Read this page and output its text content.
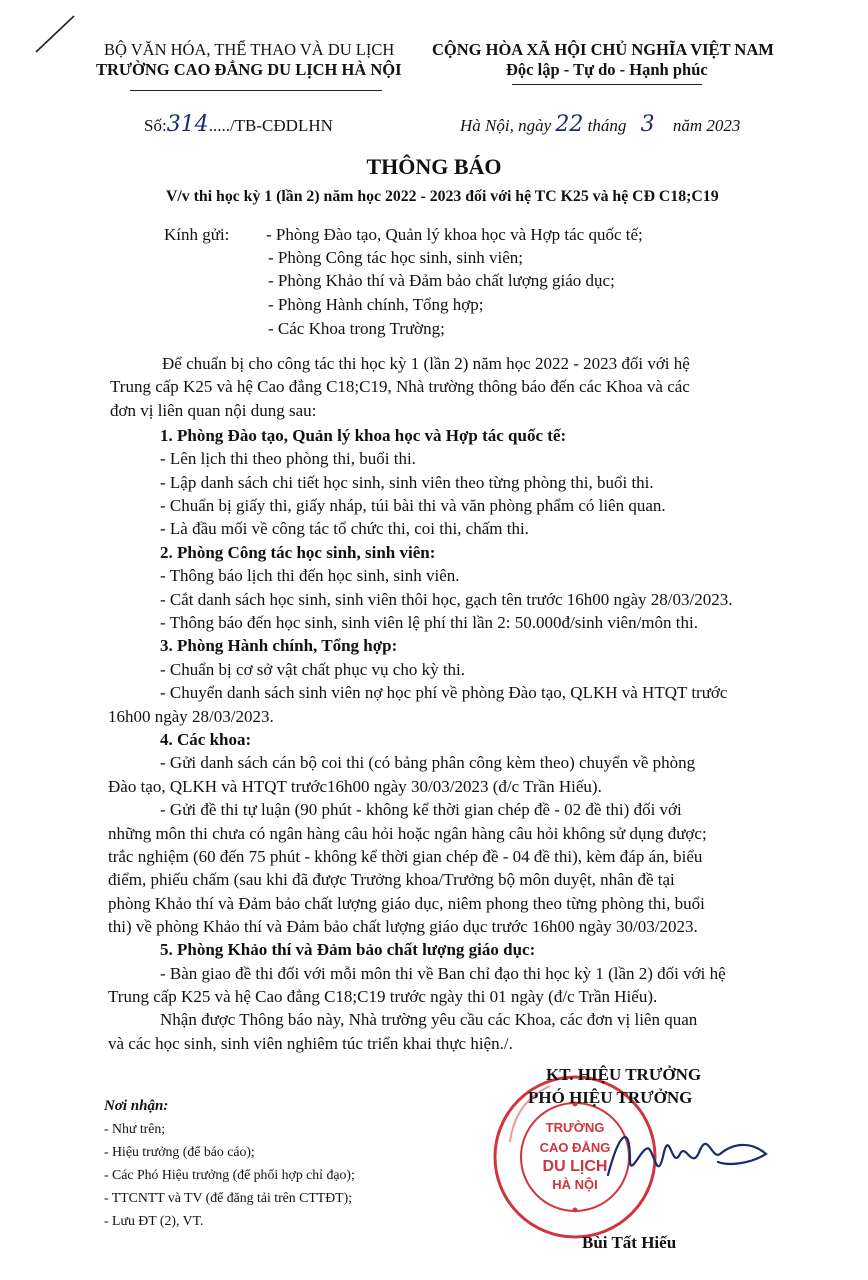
BỘ VĂN HÓA, THỂ THAO VÀ DU LỊCH
TRƯỜNG CAO ĐẲNG DU LỊCH HÀ NỘI
CỘNG HÒA XÃ HỘI CHỦ NGHĨA VIỆT NAM
Độc lập - Tự do - Hạnh phúc
Số:314...../TB-CĐDLHN	Hà Nội, ngày 22 tháng 3 năm 2023
THÔNG BÁO
V/v thi học kỳ 1 (lần 2) năm học 2022 - 2023 đối với hệ TC K25 và hệ CĐ C18;C19
Kính gửi: - Phòng Đào tạo, Quản lý khoa học và Hợp tác quốc tế;
- Phòng Công tác học sinh, sinh viên;
- Phòng Khảo thí và Đảm bảo chất lượng giáo dục;
- Phòng Hành chính, Tổng hợp;
- Các Khoa trong Trường;
Để chuẩn bị cho công tác thi học kỳ 1 (lần 2) năm học 2022 - 2023 đối với hệ
Trung cấp K25 và hệ Cao đẳng C18;C19, Nhà trường thông báo đến các Khoa và các
đơn vị liên quan nội dung sau:
1. Phòng Đào tạo, Quản lý khoa học và Hợp tác quốc tế:
- Lên lịch thi theo phòng thi, buổi thi.
- Lập danh sách chi tiết học sinh, sinh viên theo từng phòng thi, buổi thi.
- Chuẩn bị giấy thi, giấy nháp, túi bài thi và văn phòng phẩm có liên quan.
- Là đầu mối về công tác tổ chức thi, coi thi, chấm thi.
2. Phòng Công tác học sinh, sinh viên:
- Thông báo lịch thi đến học sinh, sinh viên.
- Cắt danh sách học sinh, sinh viên thôi học, gạch tên trước 16h00 ngày 28/03/2023.
- Thông báo đến học sinh, sinh viên lệ phí thi lần 2: 50.000đ/sinh viên/môn thi.
3. Phòng Hành chính, Tổng hợp:
- Chuẩn bị cơ sở vật chất phục vụ cho kỳ thi.
- Chuyển danh sách sinh viên nợ học phí về phòng Đào tạo, QLKH và HTQT trước
16h00 ngày 28/03/2023.
4. Các khoa:
- Gửi danh sách cán bộ coi thi (có bảng phân công kèm theo) chuyển về phòng
Đào tạo, QLKH và HTQT trước16h00 ngày 30/03/2023 (đ/c Trần Hiếu).
- Gửi đề thi tự luận (90 phút - không kể thời gian chép đề - 02 đề thi) đối với
những môn thi chưa có ngân hàng câu hỏi hoặc ngân hàng câu hỏi không sử dụng được;
trắc nghiệm (60 đến 75 phút - không kể thời gian chép đề - 04 đề thi), kèm đáp án, biểu
điểm, phiếu chấm (sau khi đã được Trưởng khoa/Trưởng bộ môn duyệt, nhân đề tại
phòng Khảo thí và Đảm bảo chất lượng giáo dục, niêm phong theo từng phòng thi, buổi
thi) về phòng Khảo thí và Đảm bảo chất lượng giáo dục trước 16h00 ngày 30/03/2023.
5. Phòng Khảo thí và Đảm bảo chất lượng giáo dục:
- Bàn giao đề thi đối với mỗi môn thi về Ban chỉ đạo thi học kỳ 1 (lần 2) đối với hệ
Trung cấp K25 và hệ Cao đẳng C18;C19 trước ngày thi 01 ngày (đ/c Trần Hiếu).
Nhận được Thông báo này, Nhà trường yêu cầu các Khoa, các đơn vị liên quan
và các học sinh, sinh viên nghiêm túc triển khai thực hiện./.
TRƯỜNG
CAO ĐẲNG
DU LỊCH
HÀ NỘI
KT. HIỆU TRƯỞNG
PHÓ HIỆU TRƯỞNG
Bùi Tất Hiếu
Nơi nhận:
- Như trên;
- Hiệu trưởng (để báo cáo);
- Các Phó Hiệu trưởng (để phối hợp chỉ đạo);
- TTCNTT và TV (để đăng tải trên CTTĐT);
- Lưu ĐT (2), VT.
